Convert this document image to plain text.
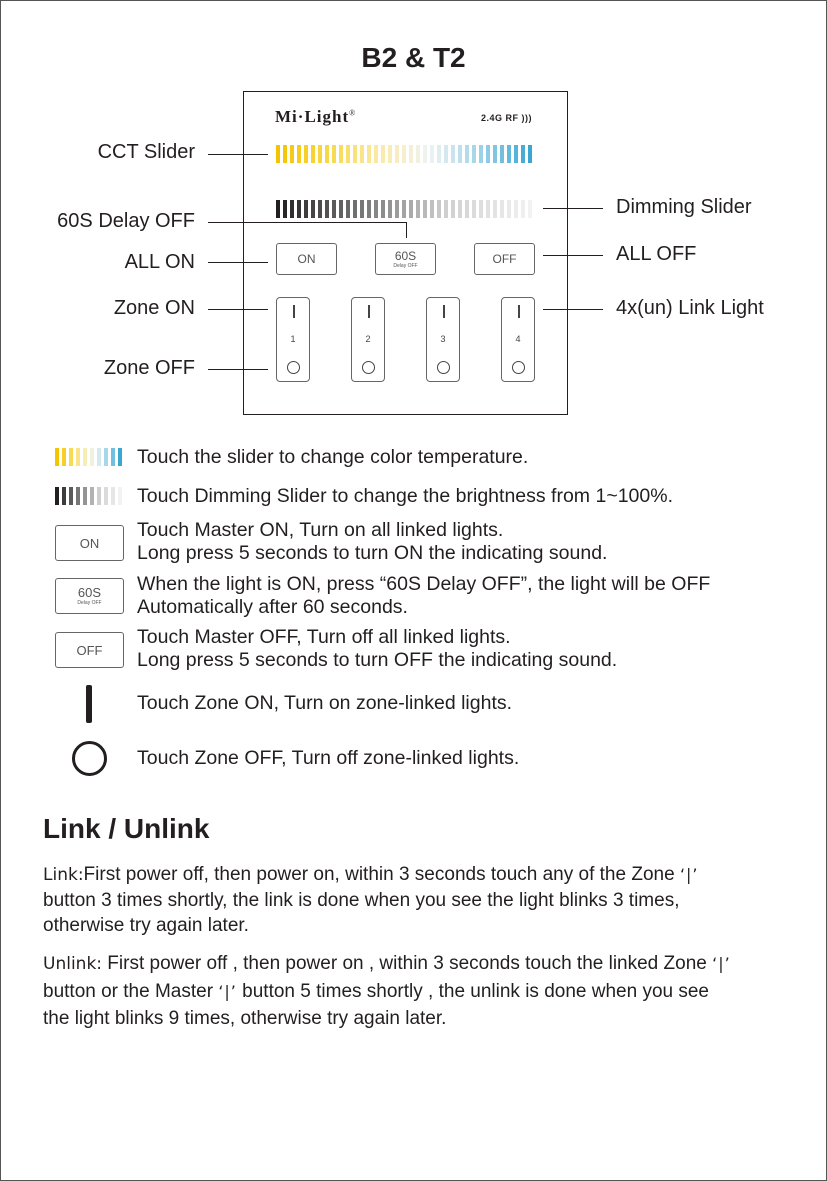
B2 & T2
Mi·Light®
2.4G RF )))
ON	60S
Delay OFF	OFF
1	2	3	4
CCT Slider
60S Delay OFF
ALL ON
Zone ON
Zone OFF
Dimming Slider
ALL OFF
4x(un) Link Light
Touch the slider to change color temperature.
Touch Dimming Slider to change the brightness from 1~100%.
ON
Touch Master ON, Turn on all linked lights.
Long press 5 seconds to turn ON the indicating sound.
60S
Delay OFF
When the light is ON, press “60S Delay OFF”, the light will be OFF
Automatically after 60 seconds.
OFF
Touch Master OFF, Turn off all linked lights.
Long press 5 seconds to turn OFF the indicating sound.
Touch Zone ON, Turn on zone-linked lights.
Touch Zone OFF, Turn off zone-linked lights.
Link / Unlink
Link:First power off, then power on, within 3 seconds touch any of the Zone ‘|’
button 3 times shortly, the link is done when you see the light blinks 3 times,
otherwise try again later.
Unlink: First power off , then power on , within 3 seconds touch the linked Zone ‘|’
button or the Master ‘|’ button 5 times shortly , the unlink is done when you see
the light blinks 9 times, otherwise try again later.
